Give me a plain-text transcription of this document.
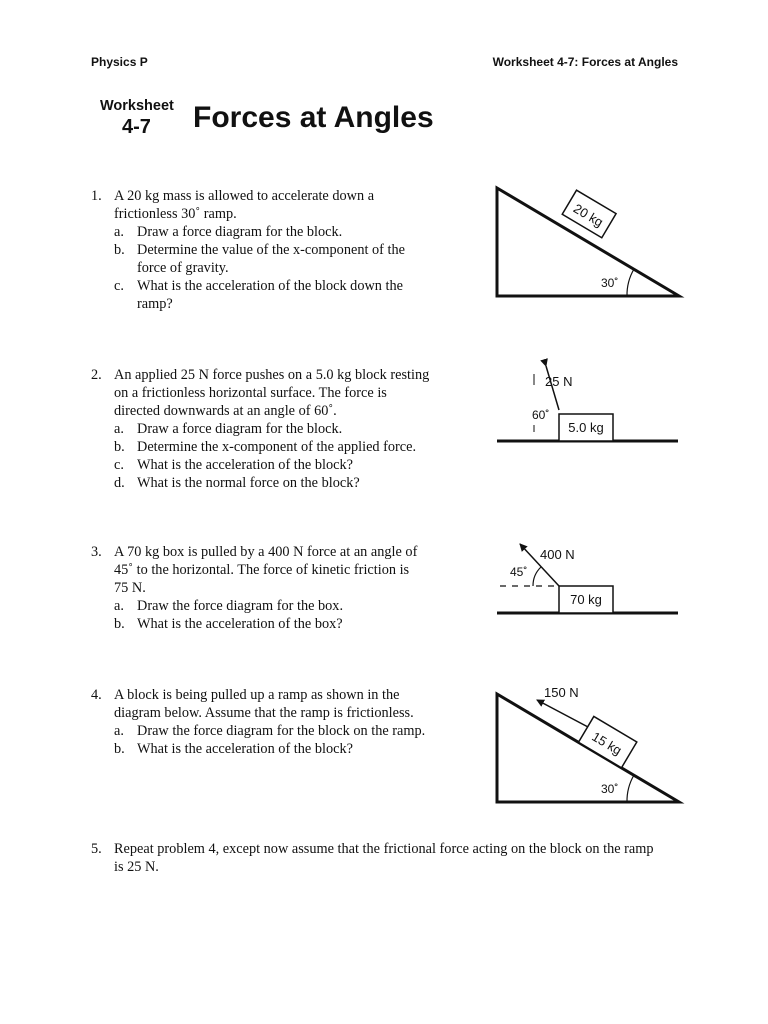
Physics P	Worksheet 4-7: Forces at Angles
Worksheet
4-7 Forces at Angles
1. A 20 kg mass is allowed to accelerate down a
frictionless 30˚ ramp.
a. Draw a force diagram for the block.
b. Determine the value of the x-component of the
force of gravity.
c. What is the acceleration of the block down the
ramp?
2. An applied 25 N force pushes on a 5.0 kg block resting
on a frictionless horizontal surface. The force is
directed downwards at an angle of 60˚.
a. Draw a force diagram for the block.
b. Determine the x-component of the applied force.
c. What is the acceleration of the block?
d. What is the normal force on the block?
3. A 70 kg box is pulled by a 400 N force at an angle of
45˚ to the horizontal. The force of kinetic friction is
75 N.
a. Draw the force diagram for the box.
b. What is the acceleration of the box?
4. A block is being pulled up a ramp as shown in the
diagram below. Assume that the ramp is frictionless.
a. Draw the force diagram for the block on the ramp.
b. What is the acceleration of the block?
5. Repeat problem 4, except now assume that the frictional force acting on the block on the ramp
is 25 N.
20 kg
30˚
5.0 kg
25 N
60˚
70 kg
400 N
45˚
15 kg
150 N
30˚
